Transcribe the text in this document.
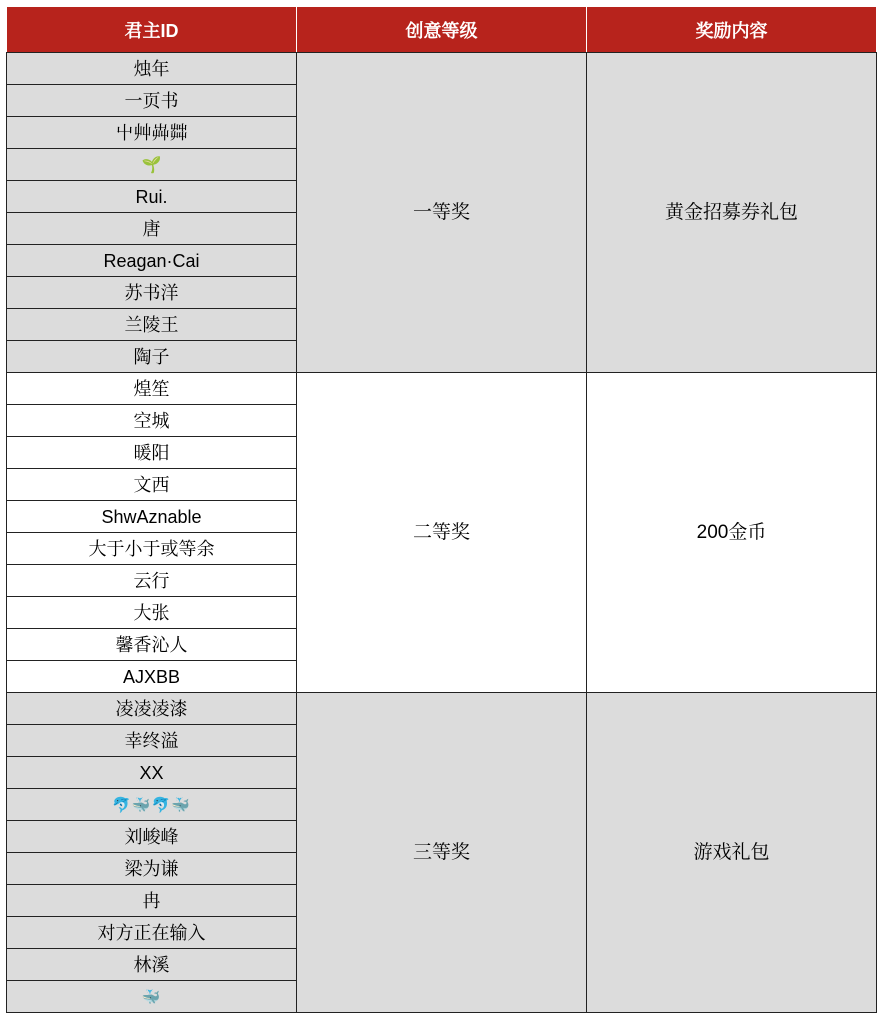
君主ID	创意等级	奖励内容
烛年	一等奖	黄金招募券礼包
一页书		
屮艸芔茻		
🌱		
Rui.		
唐		
Reagan·Cai		
苏书洋		
兰陵王		
陶子		
煌笙	二等奖	200金币
空城		
暖阳		
文西		
ShwAznable		
大于小于或等余		
云行		
大张		
馨香沁人		
AJXBB		
凌凌凌漆	三等奖	游戏礼包
幸终溢		
XX		
🐬🐳🐬🐳		
刘峻峰		
梁为谦		
冉		
对方正在输入		
林溪		
🐳		
